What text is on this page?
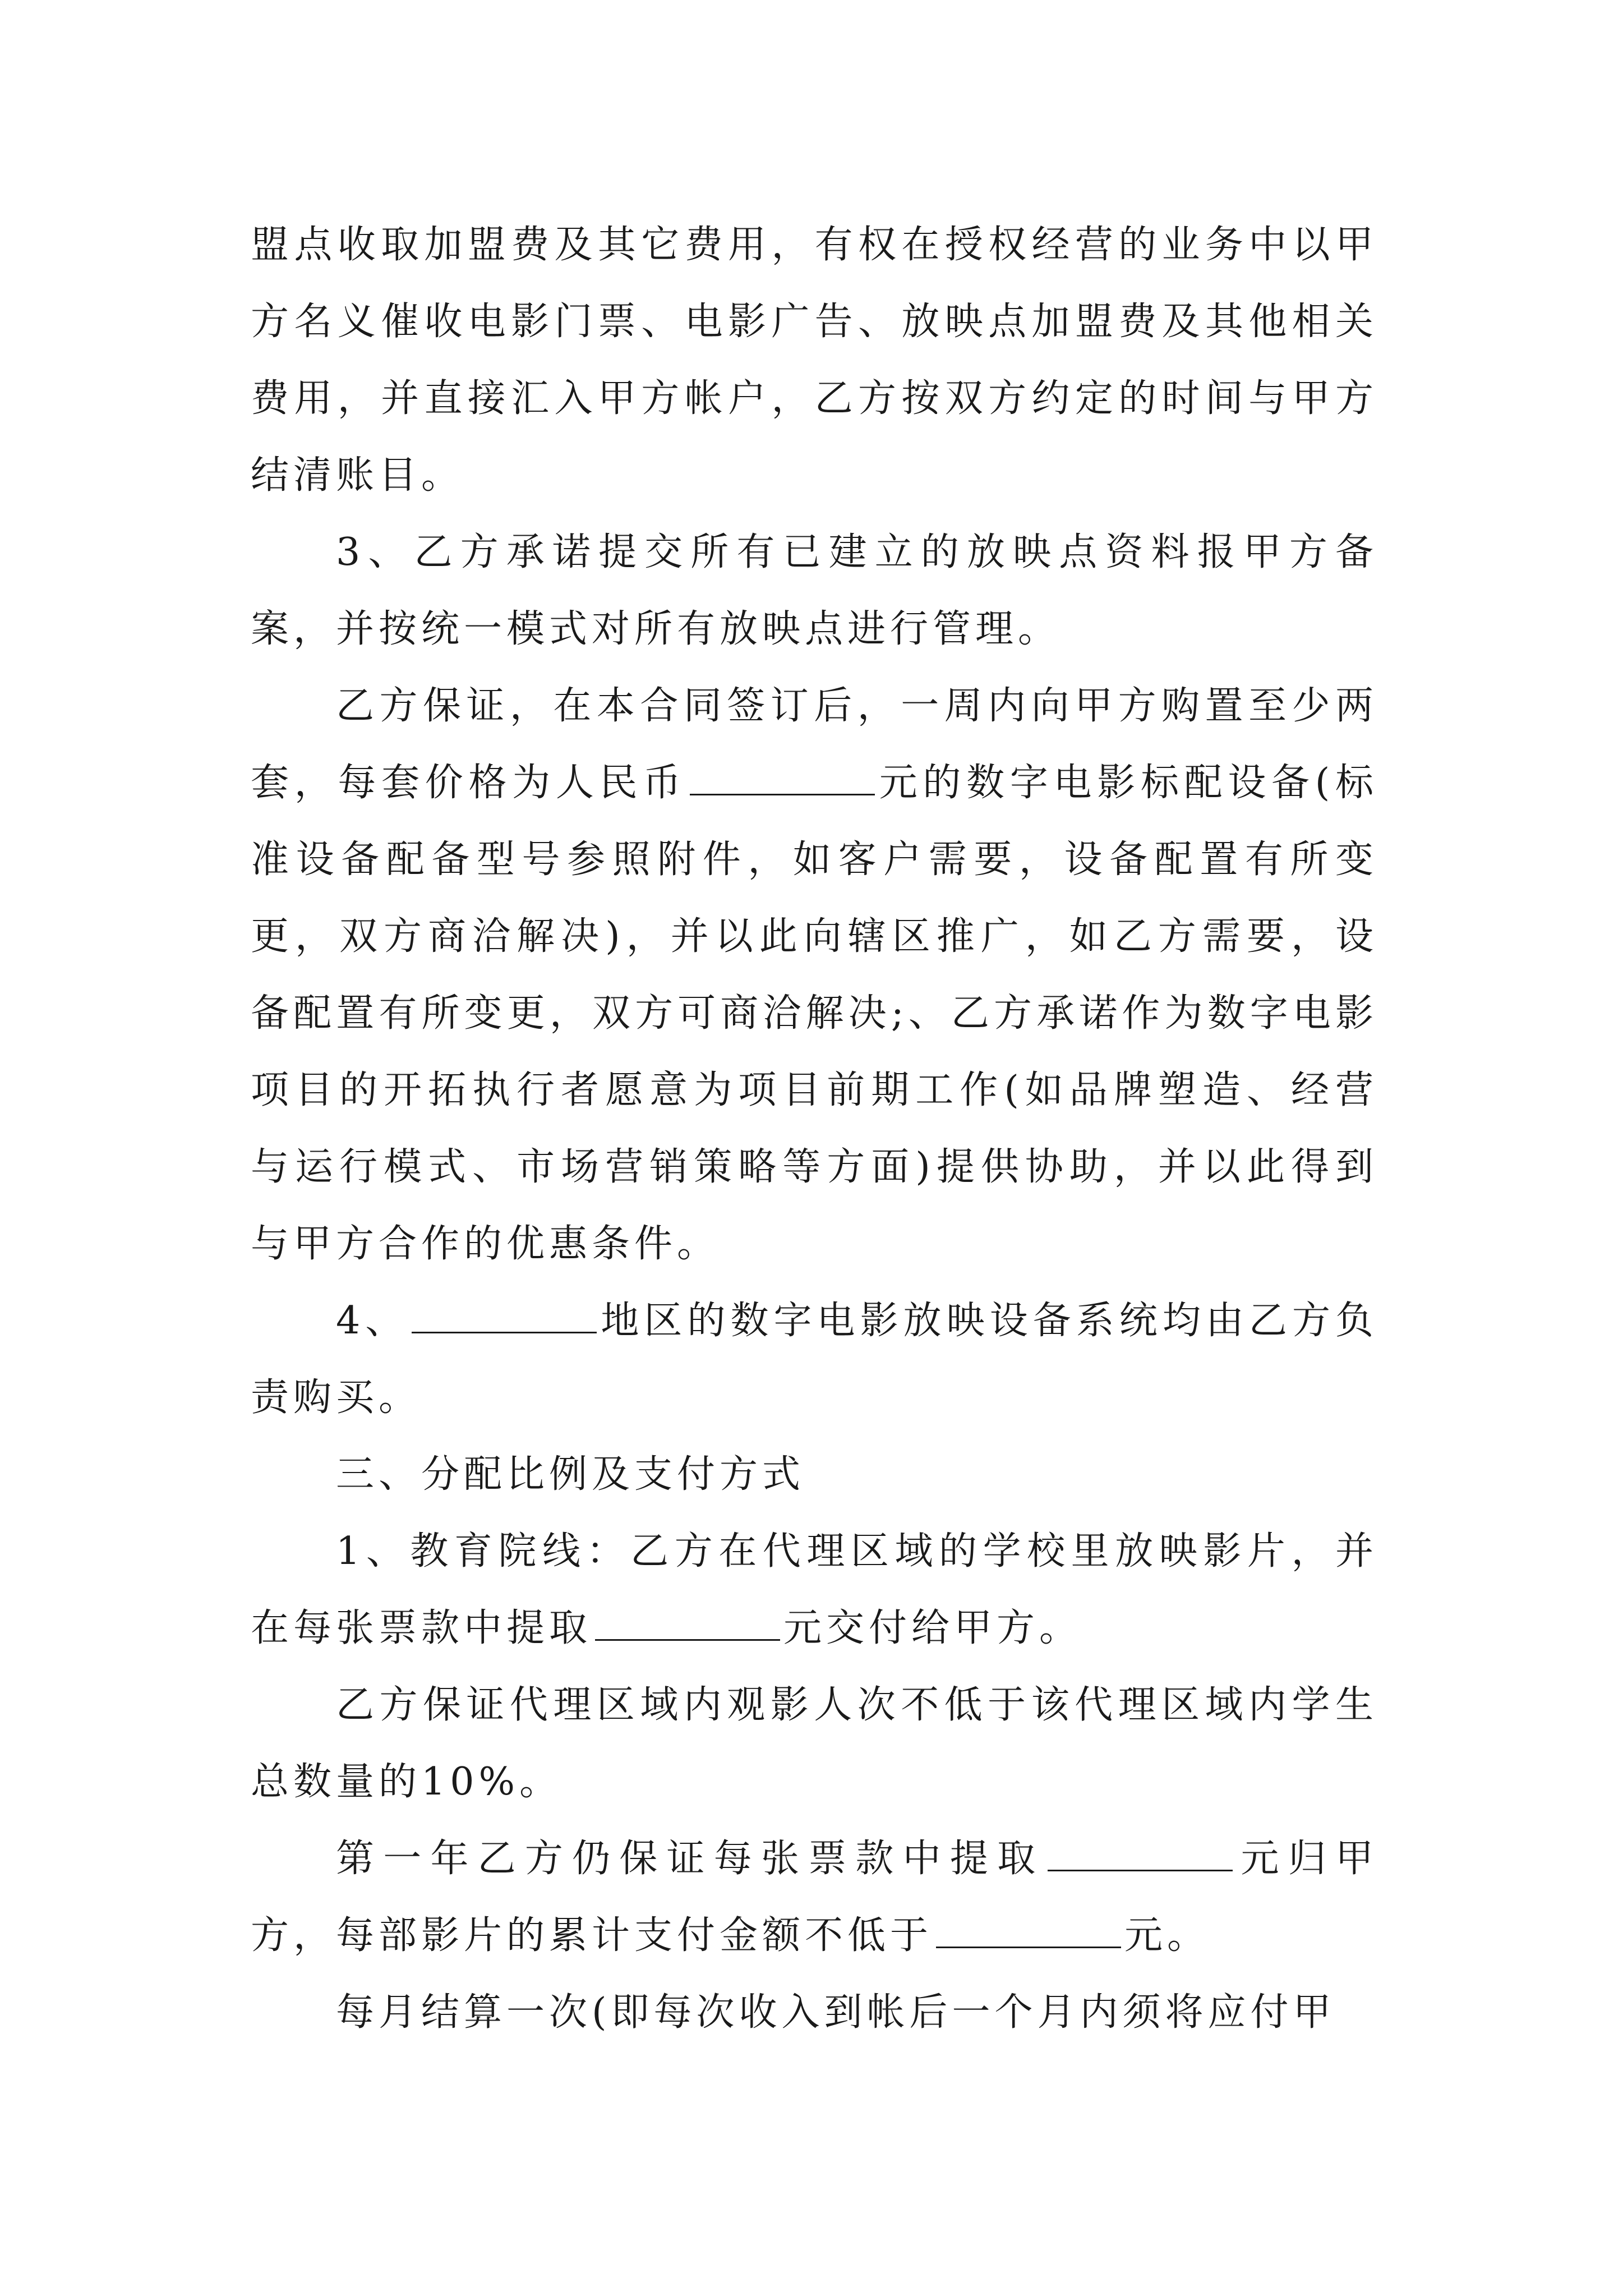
盟点收取加盟费及其它费用，有权在授权经营的业务中以甲方名义催收电影门票、电影广告、放映点加盟费及其他相关费用，并直接汇入甲方帐户，乙方按双方约定的时间与甲方结清账目。

3、乙方承诺提交所有已建立的放映点资料报甲方备案，并按统一模式对所有放映点进行管理。

乙方保证，在本合同签订后，一周内向甲方购置至少两套，每套价格为人民币	元的数字电影标配设备(标准设备配备型号参照附件，如客户需要，设备配置有所变更，双方商洽解决)，并以此向辖区推广，如乙方需要，设备配置有所变更，双方可商洽解决;、乙方承诺作为数字电影项目的开拓执行者愿意为项目前期工作(如品牌塑造、经营与运行模式、市场营销策略等方面)提供协助，并以此得到与甲方合作的优惠条件。

4、	地区的数字电影放映设备系统均由乙方负责购买。

三、分配比例及支付方式

1、教育院线：乙方在代理区域的学校里放映影片，并在每张票款中提取	元交付给甲方。

乙方保证代理区域内观影人次不低于该代理区域内学生总数量的10%。

第一年乙方仍保证每张票款中提取	元归甲方，每部影片的累计支付金额不低于	元。

每月结算一次(即每次收入到帐后一个月内须将应付甲
